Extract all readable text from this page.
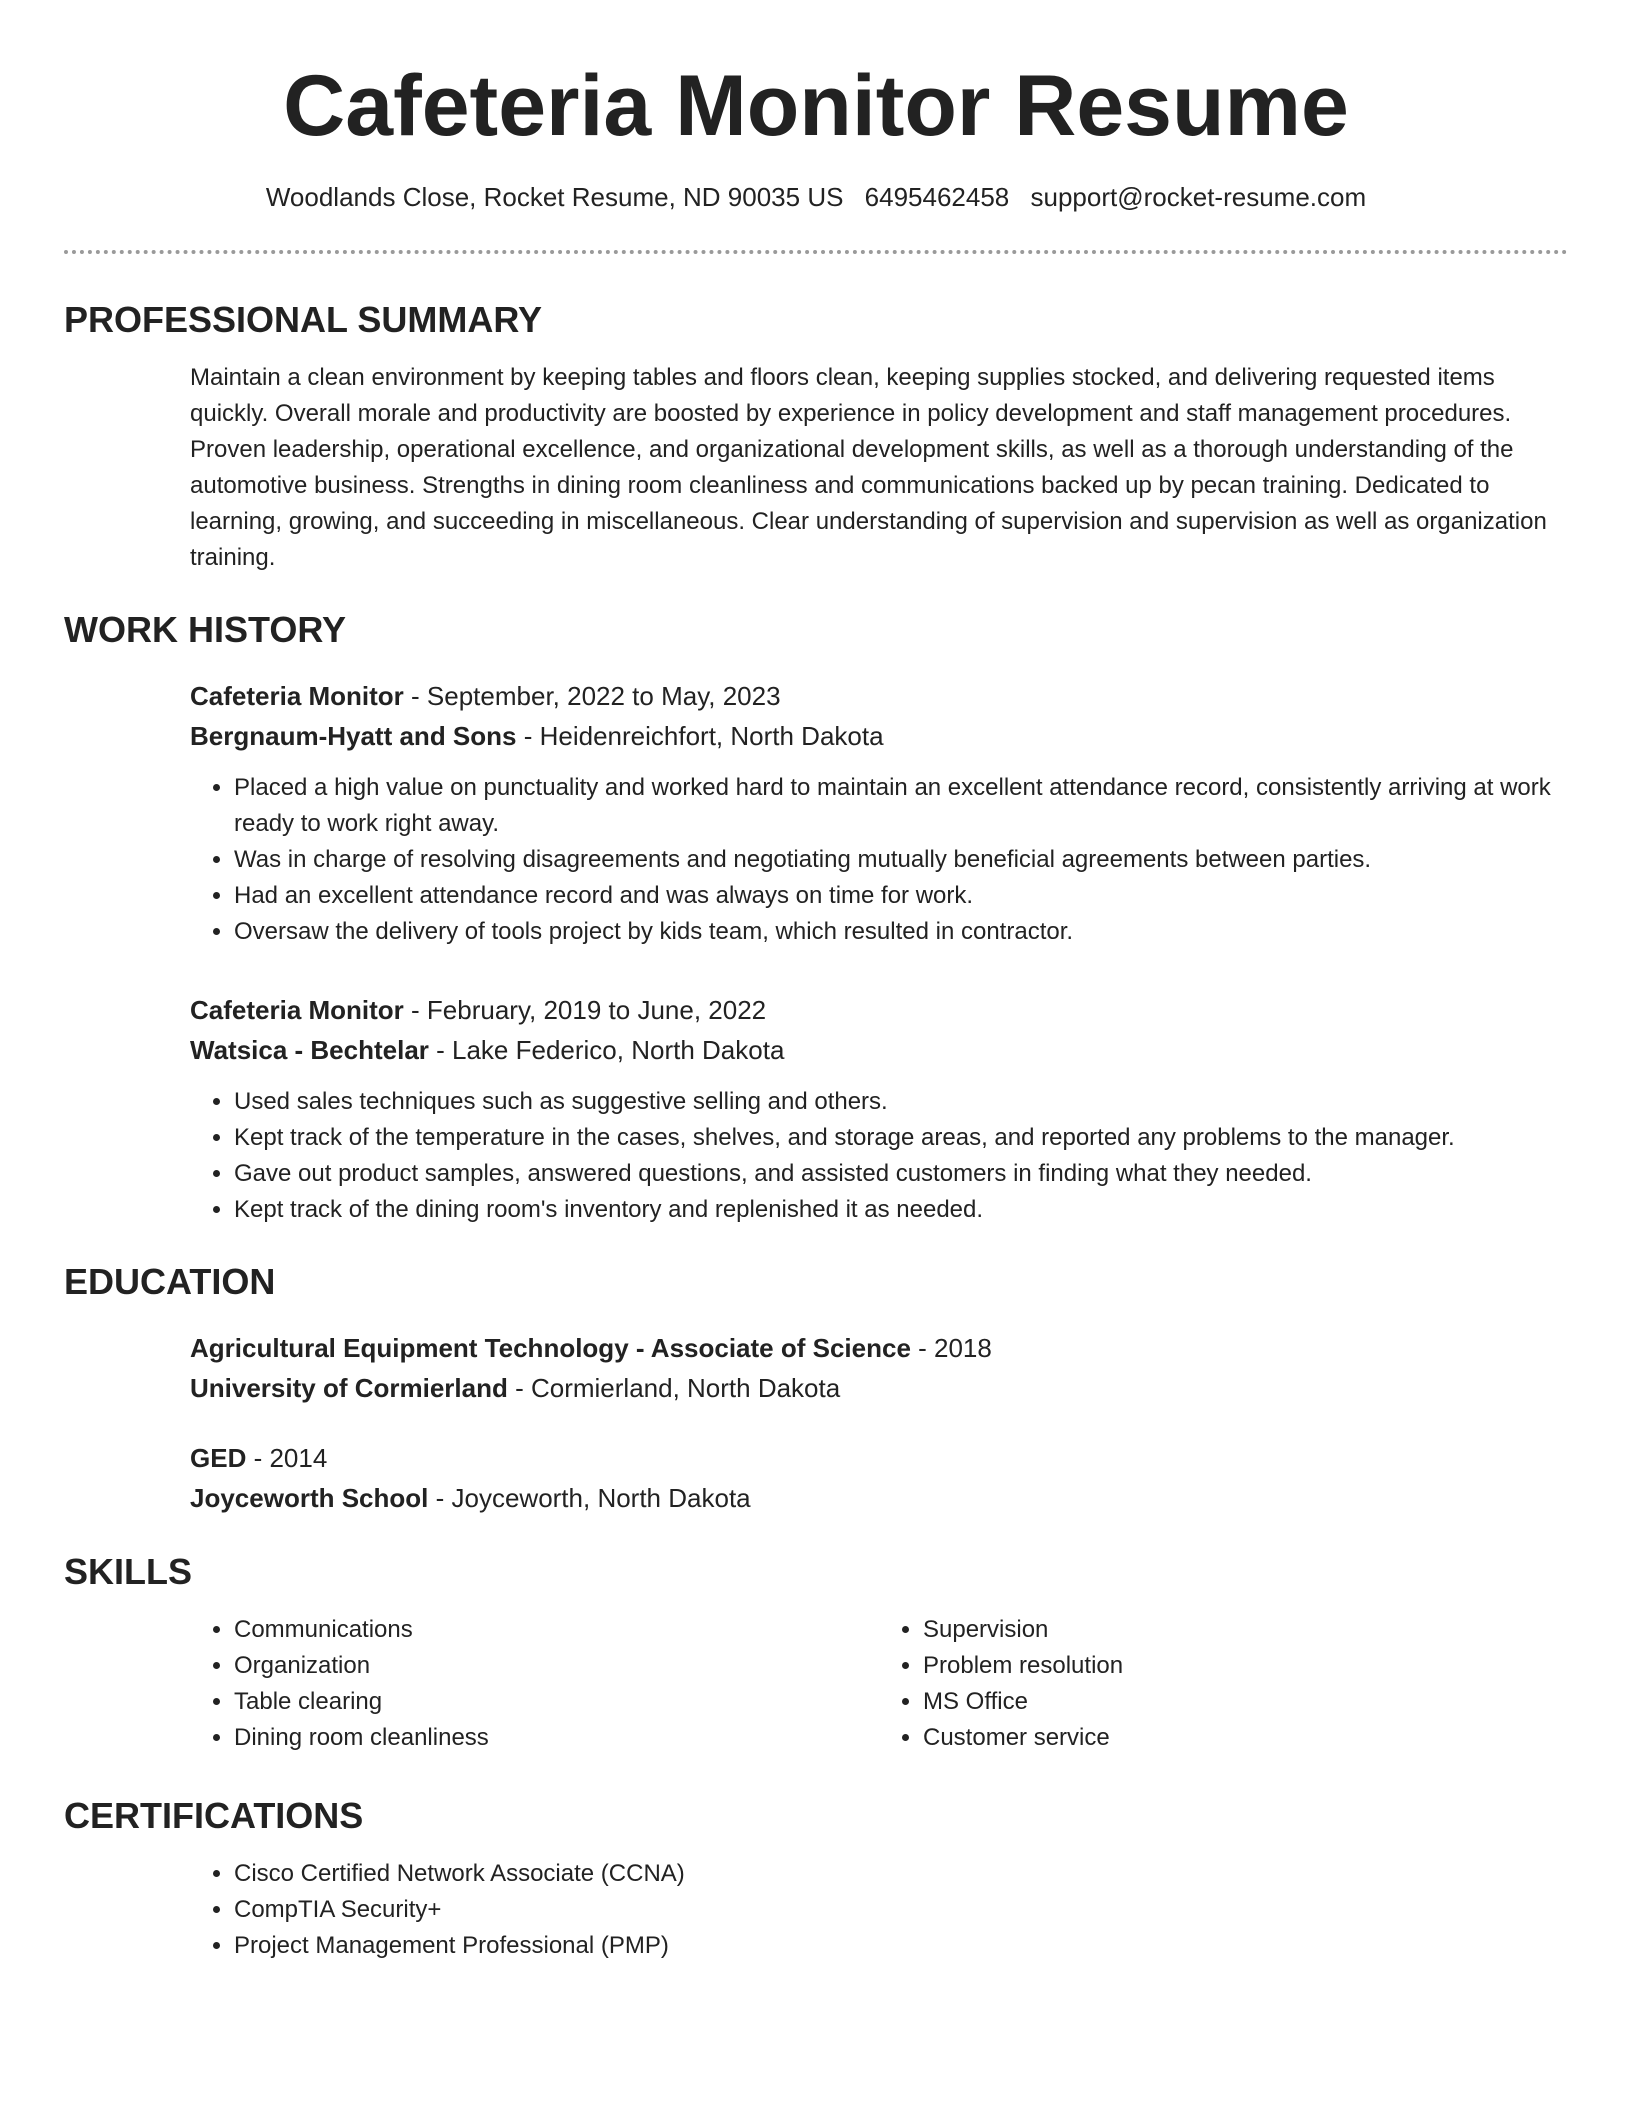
Cafeteria Monitor Resume
Woodlands Close, Rocket Resume, ND 90035 US 6495462458 support@rocket-resume.com
PROFESSIONAL SUMMARY

Maintain a clean environment by keeping tables and floors clean, keeping supplies stocked, and delivering requested items quickly. Overall morale and productivity are boosted by experience in policy development and staff management procedures. Proven leadership, operational excellence, and organizational development skills, as well as a thorough understanding of the automotive business. Strengths in dining room cleanliness and communications backed up by pecan training. Dedicated to learning, growing, and succeeding in miscellaneous. Clear understanding of supervision and supervision as well as organization training.

WORK HISTORY
Cafeteria Monitor - September, 2022 to May, 2023
Bergnaum-Hyatt and Sons - Heidenreichfort, North Dakota
• Placed a high value on punctuality and worked hard to maintain an excellent attendance record, consistently arriving at work ready to work right away.
• Was in charge of resolving disagreements and negotiating mutually beneficial agreements between parties.
• Had an excellent attendance record and was always on time for work.
• Oversaw the delivery of tools project by kids team, which resulted in contractor.
Cafeteria Monitor - February, 2019 to June, 2022
Watsica - Bechtelar - Lake Federico, North Dakota
• Used sales techniques such as suggestive selling and others.
• Kept track of the temperature in the cases, shelves, and storage areas, and reported any problems to the manager.
• Gave out product samples, answered questions, and assisted customers in finding what they needed.
• Kept track of the dining room's inventory and replenished it as needed.
EDUCATION
Agricultural Equipment Technology - Associate of Science - 2018
University of Cormierland - Cormierland, North Dakota
GED - 2014
Joyceworth School - Joyceworth, North Dakota
SKILLS
• Communications
• Organization
• Table clearing
• Dining room cleanliness
• Supervision
• Problem resolution
• MS Office
• Customer service
CERTIFICATIONS
• Cisco Certified Network Associate (CCNA)
• CompTIA Security+
• Project Management Professional (PMP)
